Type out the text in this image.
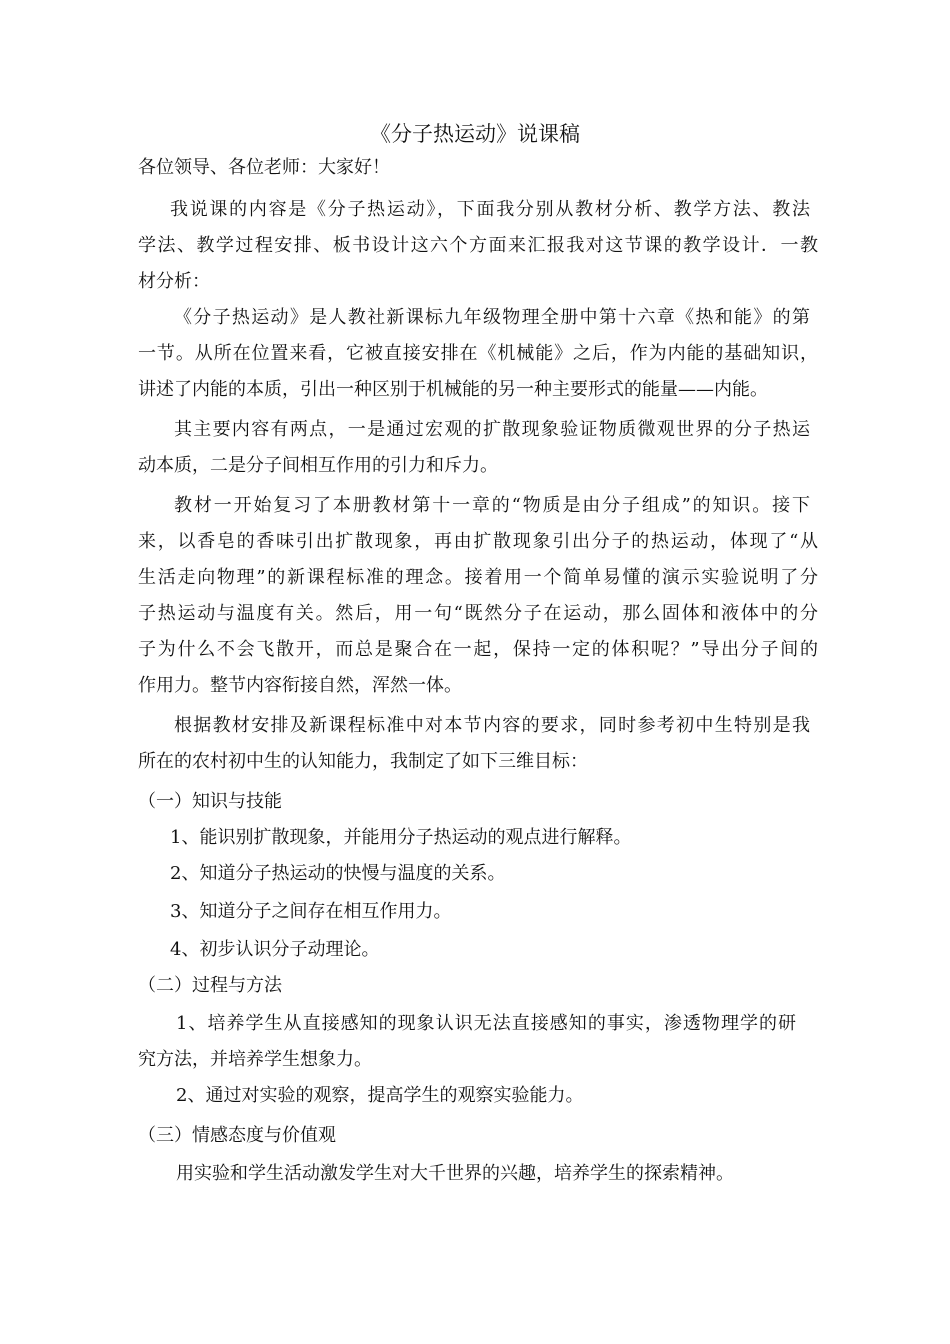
《分子热运动》说课稿

各位领导、各位老师：大家好！

我说课的内容是《分子热运动》，下面我分别从教材分析、教学方法、教法

学法、教学过程安排、板书设计这六个方面来汇报我对这节课的教学设计．一教

材分析：

《分子热运动》是人教社新课标九年级物理全册中第十六章《热和能》的第

一节。从所在位置来看，它被直接安排在《机械能》之后，作为内能的基础知识，

讲述了内能的本质，引出一种区别于机械能的另一种主要形式的能量——内能。

其主要内容有两点，一是通过宏观的扩散现象验证物质微观世界的分子热运

动本质，二是分子间相互作用的引力和斥力。

教材一开始复习了本册教材第十一章的“物质是由分子组成”的知识。接下

来，以香皂的香味引出扩散现象，再由扩散现象引出分子的热运动，体现了“从

生活走向物理”的新课程标准的理念。接着用一个简单易懂的演示实验说明了分

子热运动与温度有关。然后，用一句“既然分子在运动，那么固体和液体中的分

子为什么不会飞散开，而总是聚合在一起，保持一定的体积呢？”导出分子间的

作用力。整节内容衔接自然，浑然一体。

根据教材安排及新课程标准中对本节内容的要求，同时参考初中生特别是我

所在的农村初中生的认知能力，我制定了如下三维目标：

（一）知识与技能

1、能识别扩散现象，并能用分子热运动的观点进行解释。

2、知道分子热运动的快慢与温度的关系。

3、知道分子之间存在相互作用力。

4、初步认识分子动理论。

（二）过程与方法

1、培养学生从直接感知的现象认识无法直接感知的事实，渗透物理学的研

究方法，并培养学生想象力。

2、通过对实验的观察，提高学生的观察实验能力。

（三）情感态度与价值观

用实验和学生活动激发学生对大千世界的兴趣，培养学生的探索精神。
